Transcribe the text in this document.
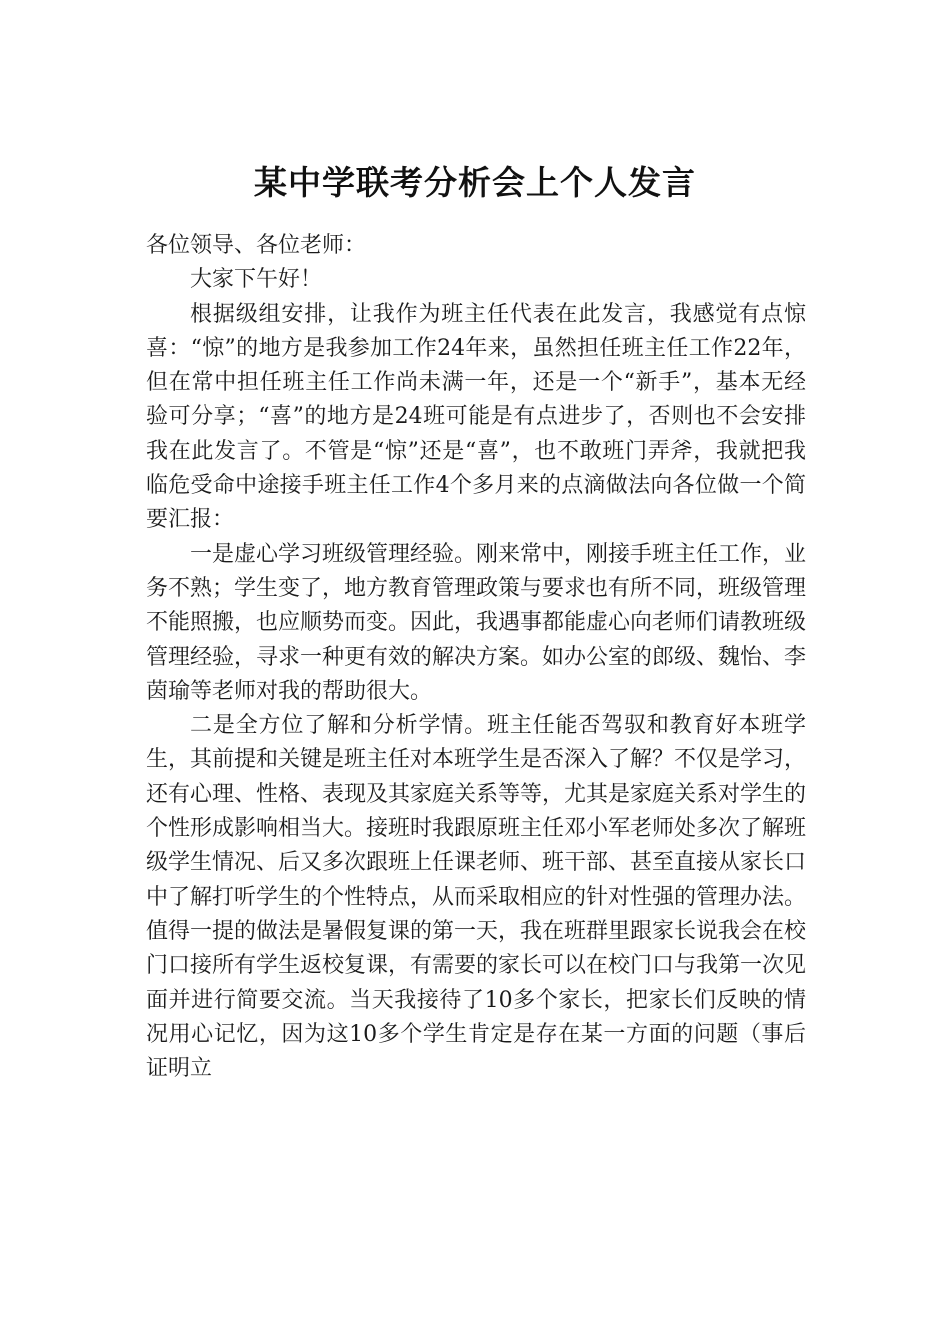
某中学联考分析会上个人发言

各位领导、各位老师：

大家下午好！

根据级组安排，让我作为班主任代表在此发言，我感觉有点惊喜：“惊”的地方是我参加工作24年来，虽然担任班主任工作22年，但在常中担任班主任工作尚未满一年，还是一个“新手”，基本无经验可分享；“喜”的地方是24班可能是有点进步了，否则也不会安排我在此发言了。不管是“惊”还是“喜”，也不敢班门弄斧，我就把我临危受命中途接手班主任工作4个多月来的点滴做法向各位做一个简要汇报：

一是虚心学习班级管理经验。刚来常中，刚接手班主任工作，业务不熟；学生变了，地方教育管理政策与要求也有所不同，班级管理不能照搬，也应顺势而变。因此，我遇事都能虚心向老师们请教班级管理经验，寻求一种更有效的解决方案。如办公室的郎级、魏怡、李茵瑜等老师对我的帮助很大。

二是全方位了解和分析学情。班主任能否驾驭和教育好本班学生，其前提和关键是班主任对本班学生是否深入了解？不仅是学习，还有心理、性格、表现及其家庭关系等等，尤其是家庭关系对学生的个性形成影响相当大。接班时我跟原班主任邓小军老师处多次了解班级学生情况、后又多次跟班上任课老师、班干部、甚至直接从家长口中了解打听学生的个性特点，从而采取相应的针对性强的管理办法。值得一提的做法是暑假复课的第一天，我在班群里跟家长说我会在校门口接所有学生返校复课，有需要的家长可以在校门口与我第一次见面并进行简要交流。当天我接待了10多个家长，把家长们反映的情况用心记忆，因为这10多个学生肯定是存在某一方面的问题（事后证明立
